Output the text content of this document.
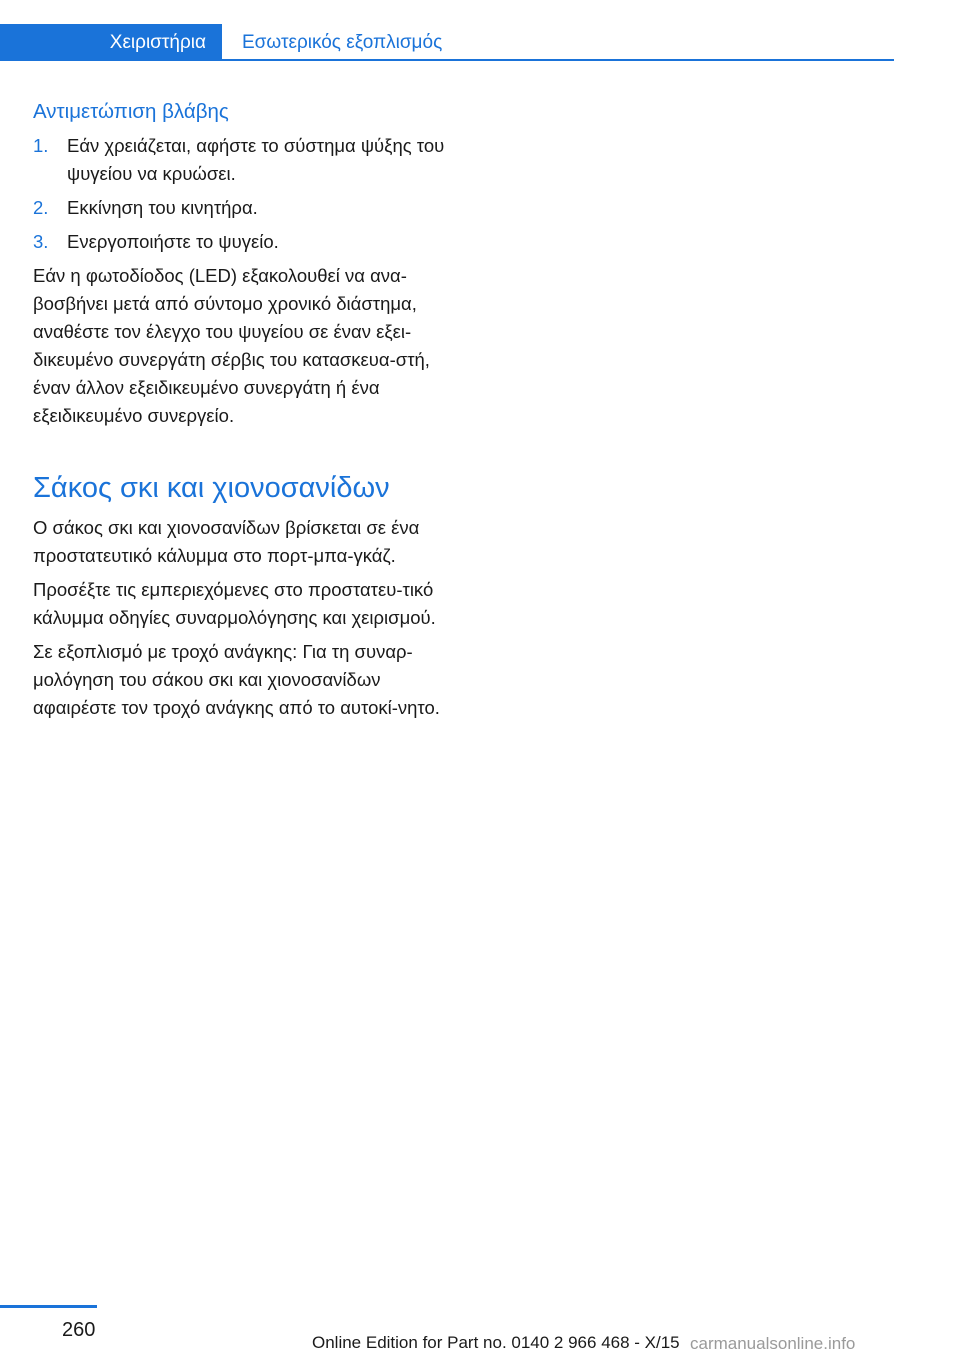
Χειριστήρια	Εσωτερικός εξοπλισμός
Αντιμετώπιση βλάβης
1. Εάν χρειάζεται, αφήστε το σύστημα ψύξης του ψυγείου να κρυώσει.
2. Εκκίνηση του κινητήρα.
3. Ενεργοποιήστε το ψυγείο.

Εάν η φωτοδίοδος (LED) εξακολουθεί να ανα-βοσβήνει μετά από σύντομο χρονικό διάστημα, αναθέστε τον έλεγχο του ψυγείου σε έναν εξει-δικευμένο συνεργάτη σέρβις του κατασκευα-στή, έναν άλλον εξειδικευμένο συνεργάτη ή ένα εξειδικευμένο συνεργείο.

Σάκος σκι και χιονοσανίδων

Ο σάκος σκι και χιονοσανίδων βρίσκεται σε ένα προστατευτικό κάλυμμα στο πορτ-μπα-γκάζ.

Προσέξτε τις εμπεριεχόμενες στο προστατευ-τικό κάλυμμα οδηγίες συναρμολόγησης και χειρισμού.

Σε εξοπλισμό με τροχό ανάγκης: Για τη συναρ-μολόγηση του σάκου σκι και χιονοσανίδων αφαιρέστε τον τροχό ανάγκης από το αυτοκί-νητο.

260
Online Edition for Part no. 0140 2 966 468 - X/15 carmanualsonline.info
